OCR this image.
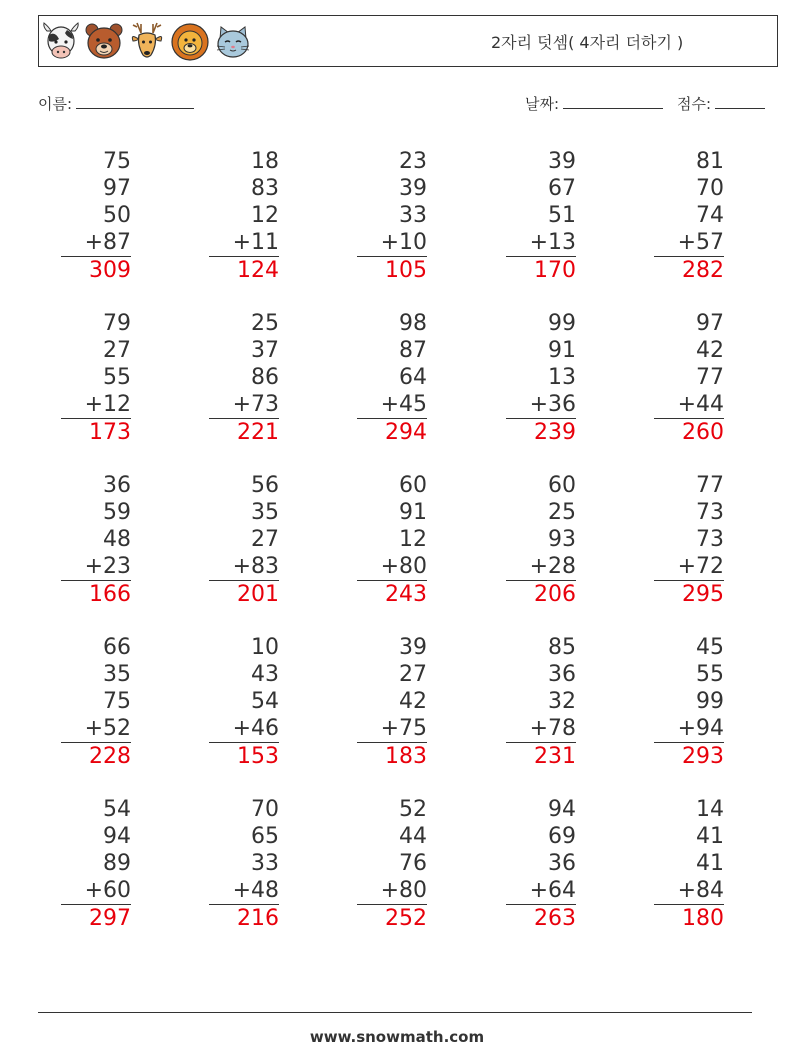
2자리 덧셈( 4자리 더하기 )
이름:	날짜:	점수:
75
97
50
+87
309
18
83
12
+11
124
23
39
33
+10
105
39
67
51
+13
170
81
70
74
+57
282
79
27
55
+12
173
25
37
86
+73
221
98
87
64
+45
294
99
91
13
+36
239
97
42
77
+44
260
36
59
48
+23
166
56
35
27
+83
201
60
91
12
+80
243
60
25
93
+28
206
77
73
73
+72
295
66
35
75
+52
228
10
43
54
+46
153
39
27
42
+75
183
85
36
32
+78
231
45
55
99
+94
293
54
94
89
+60
297
70
65
33
+48
216
52
44
76
+80
252
94
69
36
+64
263
14
41
41
+84
180
www.snowmath.com
